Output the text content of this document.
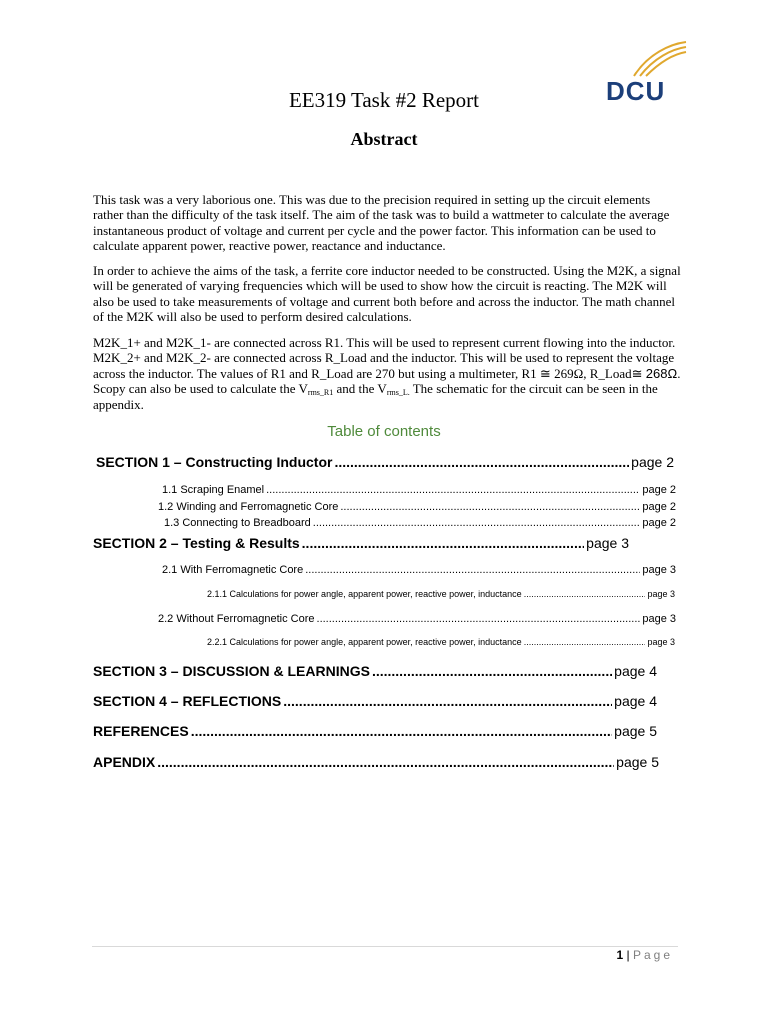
DCU
EE319 Task #2 Report
Abstract

This task was a very laborious one. This was due to the precision required in setting up the circuit elements rather than the difficulty of the task itself. The aim of the task was to build a wattmeter to calculate the average instantaneous product of voltage and current per cycle and the power factor. This information can be used to calculate apparent power, reactive power, reactance and inductance.

In order to achieve the aims of the task, a ferrite core inductor needed to be constructed. Using the M2K, a signal will be generated of varying frequencies which will be used to show how the circuit is reacting. The M2K will also be used to take measurements of voltage and current both before and across the inductor. The math channel of the M2K will also be used to perform desired calculations.

M2K_1+ and M2K_1- are connected across R1. This will be used to represent current flowing into the inductor. M2K_2+ and M2K_2- are connected across R_Load and the inductor. This will be used to represent the voltage across the inductor. The values of R1 and R_Load are 270 but using a multimeter, R1 ≅ 269Ω, R_Load≅ 268Ω. Scopy can also be used to calculate the $V_{rms\_R1}$ and the $V_{rms\_L.}$ The schematic for the circuit can be seen in the appendix.

Table of contents
SECTION 1 – Constructing Inductor .....	page 2
1.1 Scraping Enamel .....	page 2
1.2 Winding and Ferromagnetic Core .....	page 2
1.3 Connecting to Breadboard .....	page 2
SECTION 2 – Testing & Results .....	page 3
2.1 With Ferromagnetic Core .....	page 3
2.1.1 Calculations for power angle, apparent power, reactive power, inductance .....	page 3
2.2 Without Ferromagnetic Core .....	page 3
2.2.1 Calculations for power angle, apparent power, reactive power, inductance .....	page 3
SECTION 3 – DISCUSSION & LEARNINGS .....	page 4
SECTION 4 – REFLECTIONS .....	page 4
REFERENCES .....	page 5
APENDIX .....	page 5
1 | Page
